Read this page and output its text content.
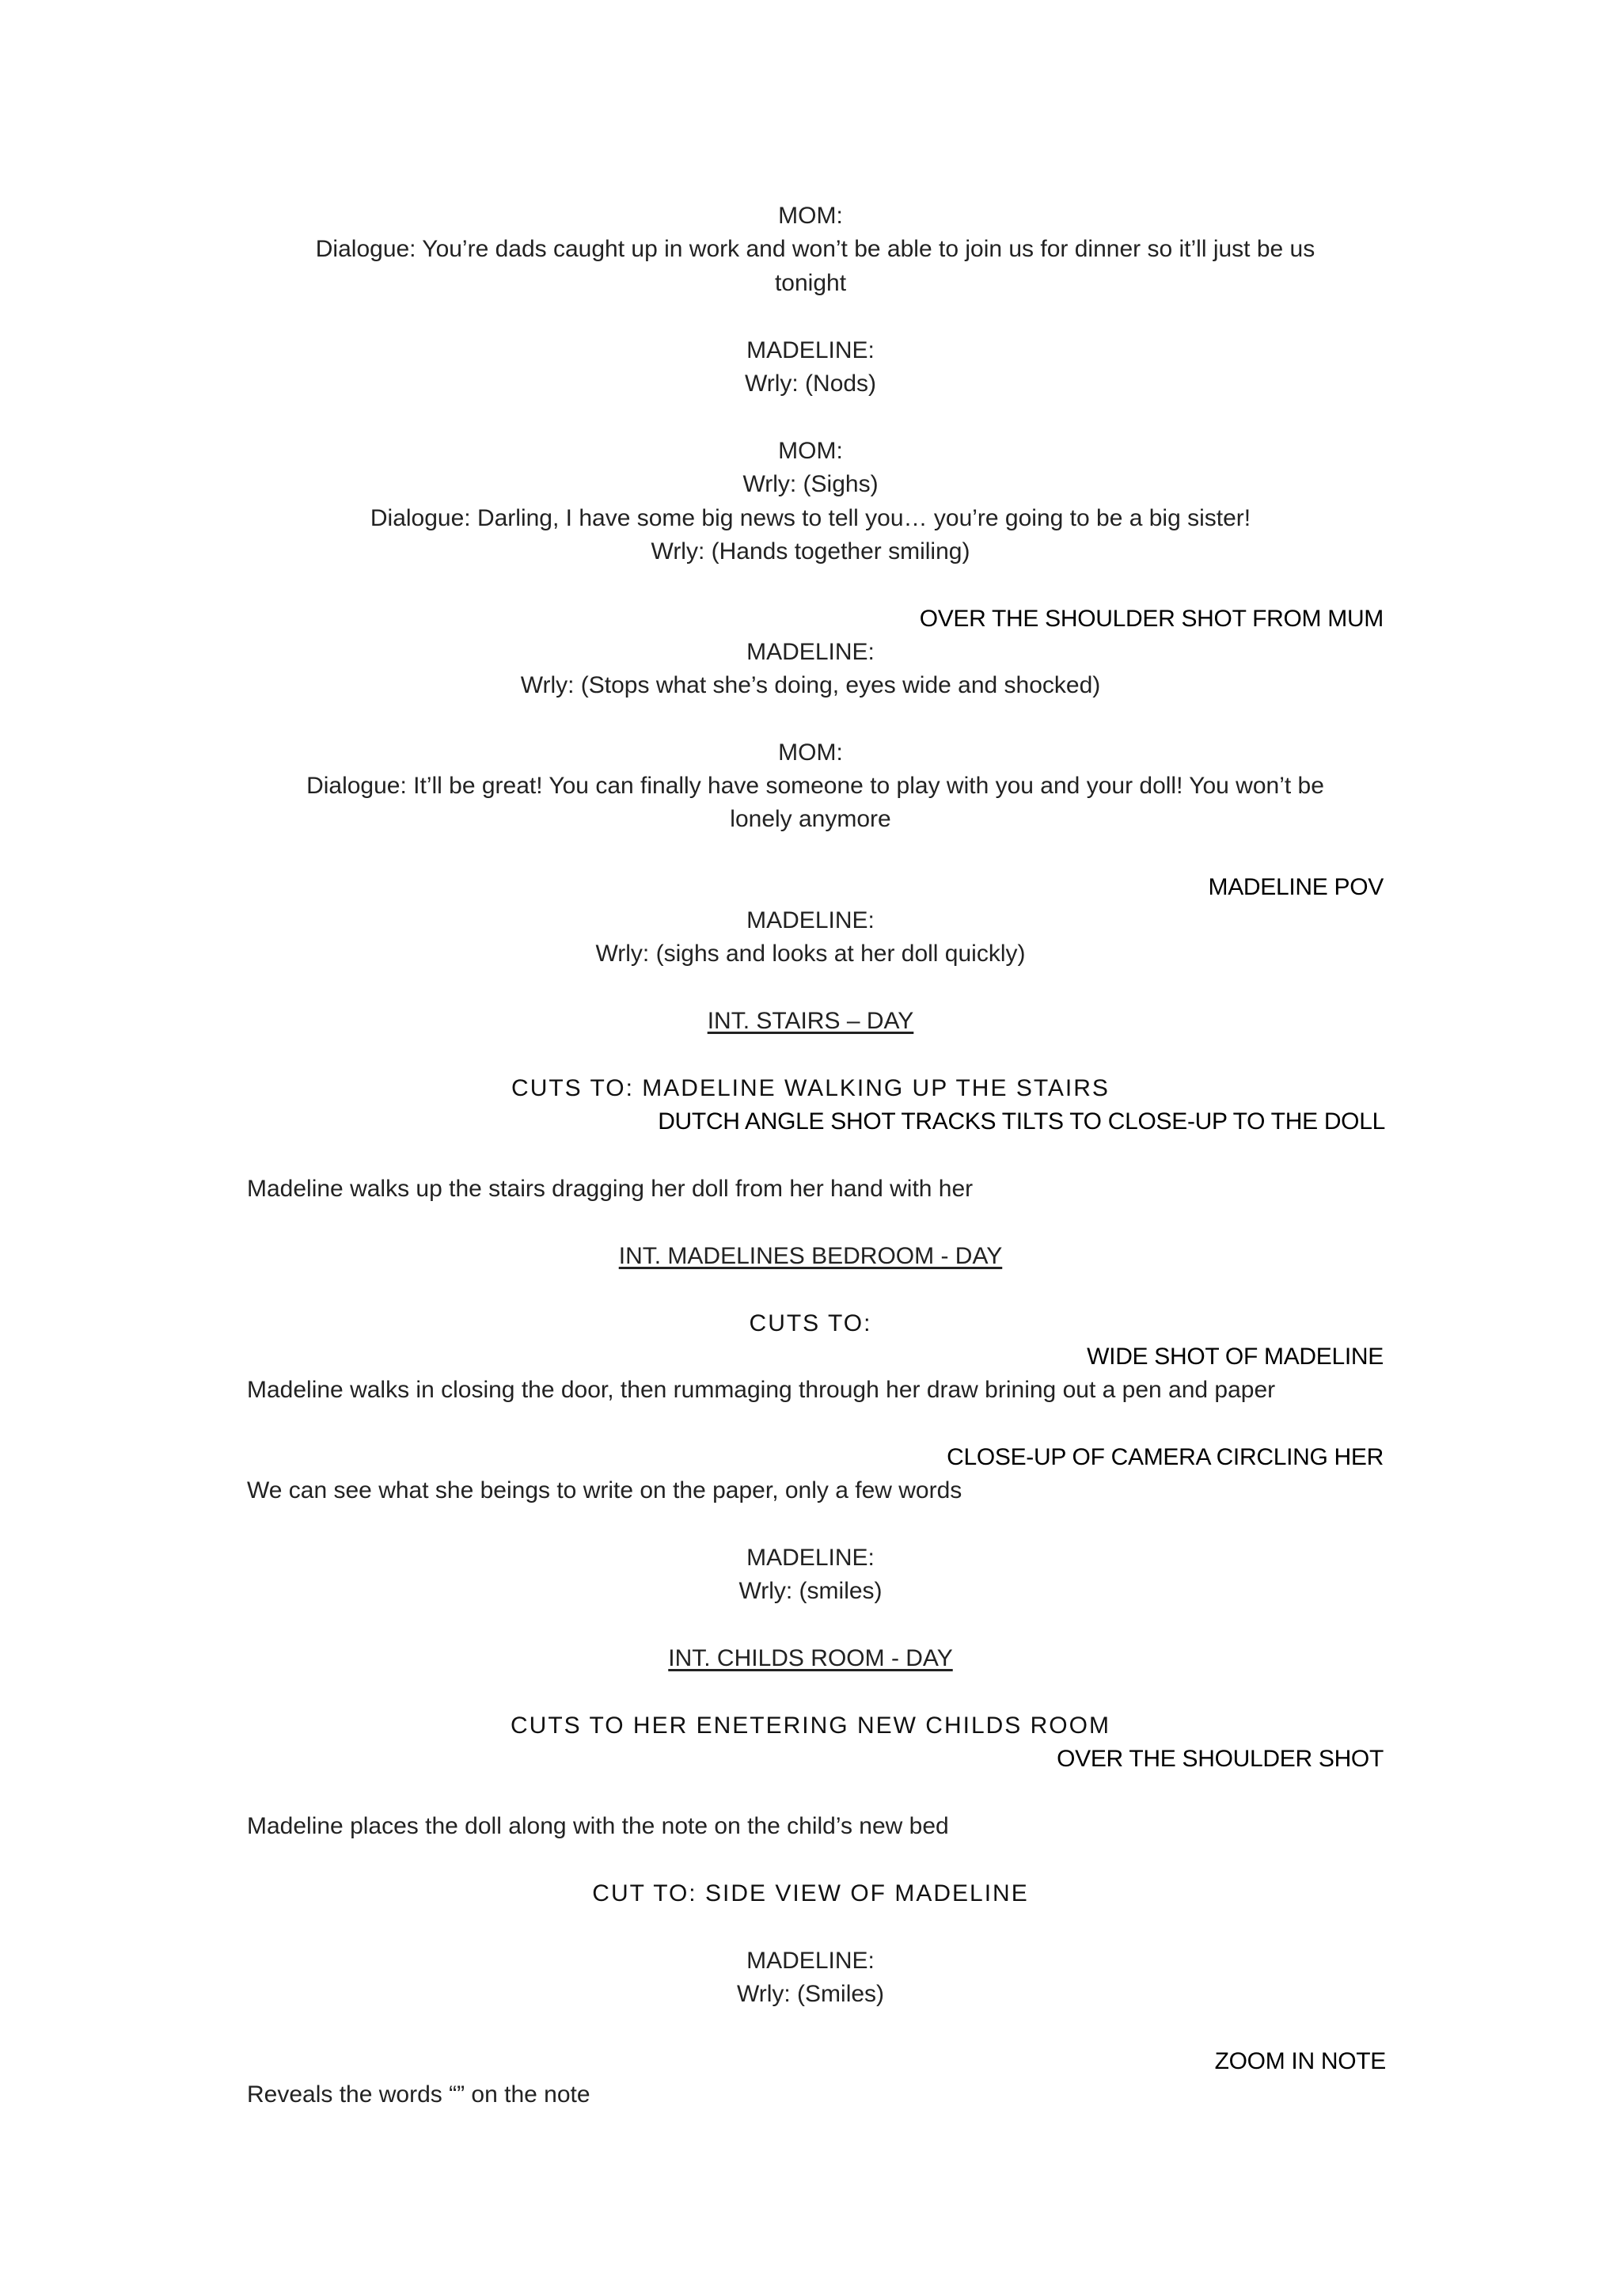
MOM:
Dialogue: You’re dads caught up in work and won’t be able to join us for dinner so it’ll just be us
tonight
MADELINE:
Wrly: (Nods)
MOM:
Wrly: (Sighs)
Dialogue: Darling, I have some big news to tell you… you’re going to be a big sister!
Wrly: (Hands together smiling)
OVER THE SHOULDER SHOT FROM MUM
MADELINE:
Wrly: (Stops what she’s doing, eyes wide and shocked)
MOM:
Dialogue: It’ll be great! You can finally have someone to play with you and your doll! You won’t be
lonely anymore
MADELINE POV
MADELINE:
Wrly: (sighs and looks at her doll quickly)
INT. STAIRS – DAY
CUTS TO: MADELINE WALKING UP THE STAIRS
DUTCH ANGLE SHOT TRACKS TILTS TO CLOSE-UP TO THE DOLL
Madeline walks up the stairs dragging her doll from her hand with her
INT. MADELINES BEDROOM - DAY
CUTS TO:
WIDE SHOT OF MADELINE
Madeline walks in closing the door, then rummaging through her draw brining out a pen and paper
CLOSE-UP OF CAMERA CIRCLING HER
We can see what she beings to write on the paper, only a few words
MADELINE:
Wrly: (smiles)
INT. CHILDS ROOM - DAY
CUTS TO HER ENETERING NEW CHILDS ROOM
OVER THE SHOULDER SHOT
Madeline places the doll along with the note on the child’s new bed
CUT TO: SIDE VIEW OF MADELINE
MADELINE:
Wrly: (Smiles)
ZOOM IN NOTE
Reveals the words “” on the note
